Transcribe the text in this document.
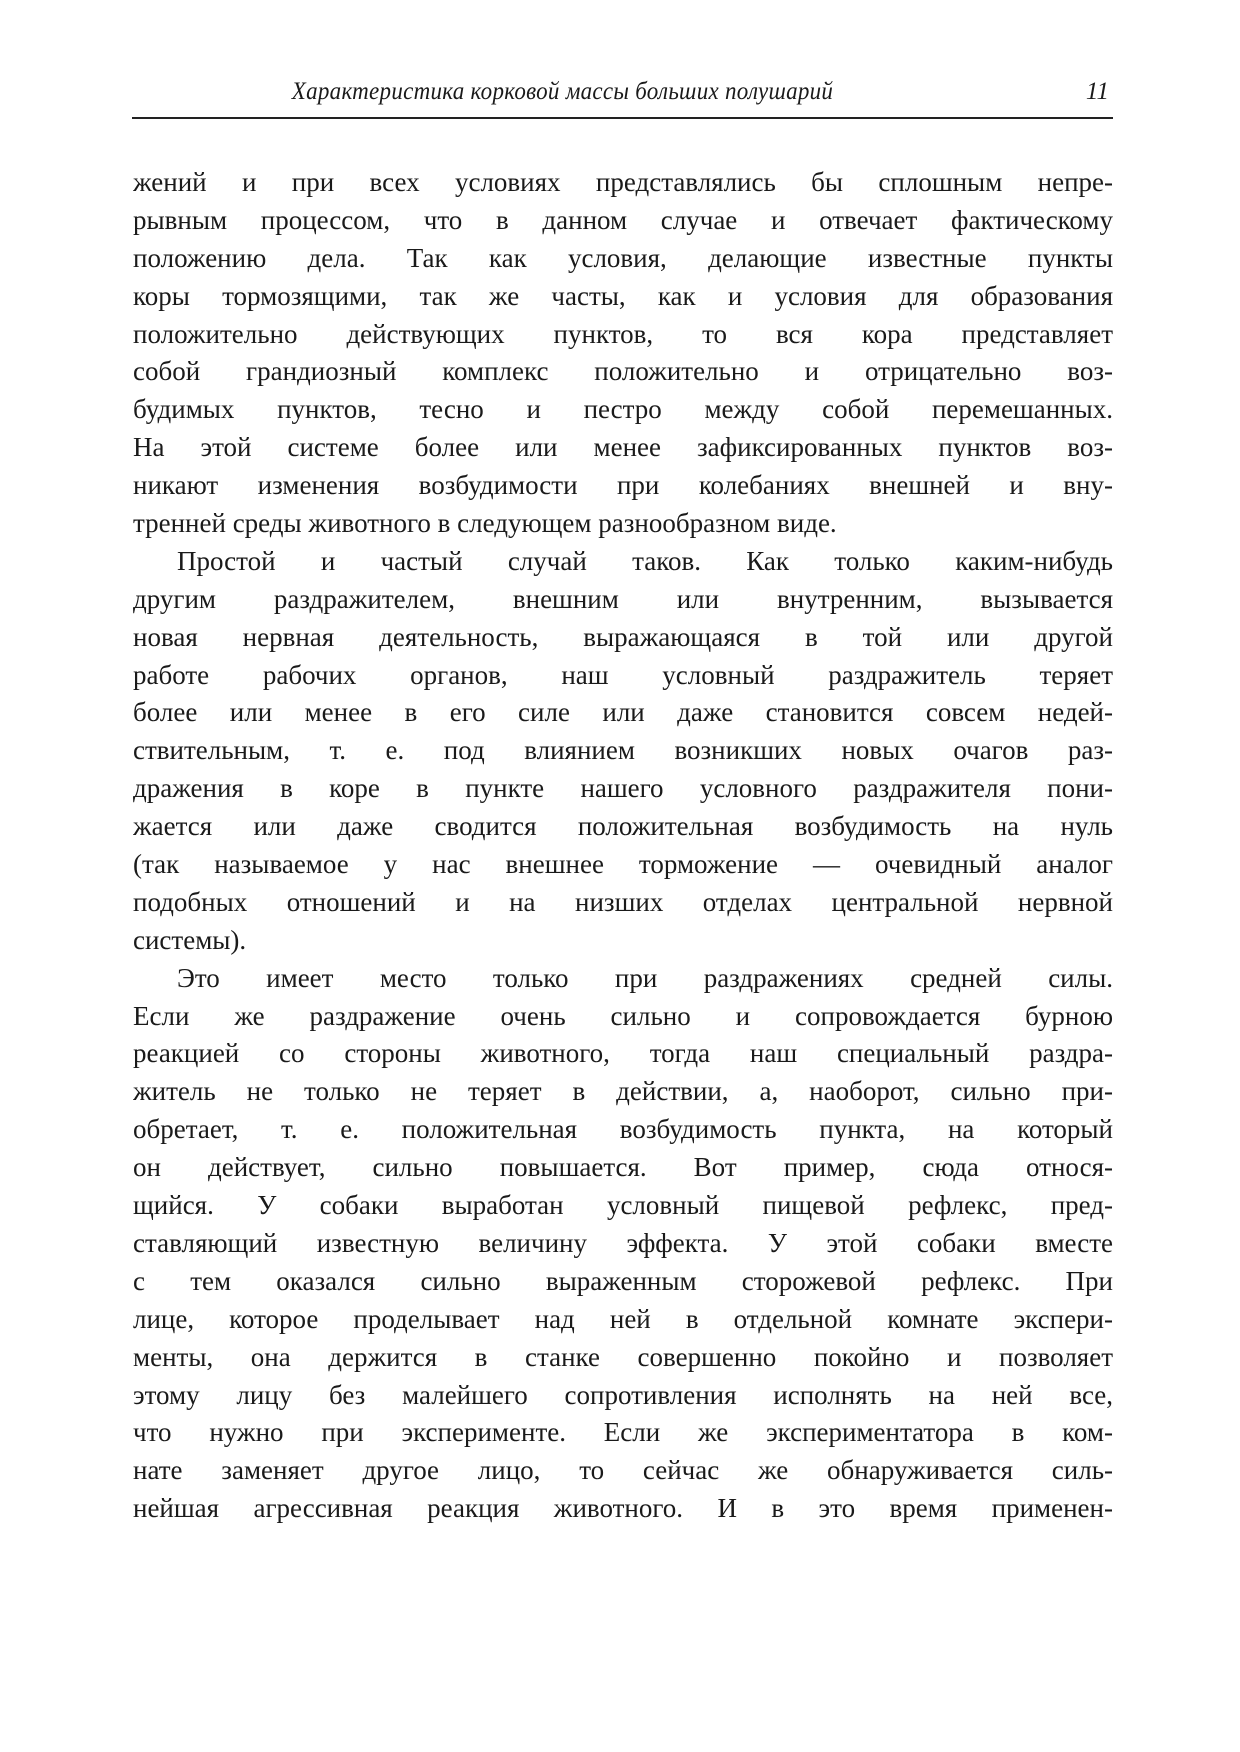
Характеристика корковой массы больших полушарий	11
жений и при всех условиях представлялись бы сплошным непре-
рывным процессом, что в данном случае и отвечает фактическому
положению дела. Так как условия, делающие известные пункты
коры тормозящими, так же часты, как и условия для образования
положительно действующих пунктов, то вся кора представляет
собой грандиозный комплекс положительно и отрицательно воз-
будимых пунктов, тесно и пестро между собой перемешанных.
На этой системе более или менее зафиксированных пунктов воз-
никают изменения возбудимости при колебаниях внешней и вну-
тренней среды животного в следующем разнообразном виде.
Простой и частый случай таков. Как только каким-нибудь
другим раздражителем, внешним или внутренним, вызывается
новая нервная деятельность, выражающаяся в той или другой
работе рабочих органов, наш условный раздражитель теряет
более или менее в его силе или даже становится совсем недей-
ствительным, т. е. под влиянием возникших новых очагов раз-
дражения в коре в пункте нашего условного раздражителя пони-
жается или даже сводится положительная возбудимость на нуль
(так называемое у нас внешнее торможение — очевидный аналог
подобных отношений и на низших отделах центральной нервной
системы).
Это имеет место только при раздражениях средней силы.
Если же раздражение очень сильно и сопровождается бурною
реакцией со стороны животного, тогда наш специальный раздра-
житель не только не теряет в действии, а, наоборот, сильно при-
обретает, т. е. положительная возбудимость пункта, на который
он действует, сильно повышается. Вот пример, сюда относя-
щийся. У собаки выработан условный пищевой рефлекс, пред-
ставляющий известную величину эффекта. У этой собаки вместе
с тем оказался сильно выраженным сторожевой рефлекс. При
лице, которое проделывает над ней в отдельной комнате экспери-
менты, она держится в станке совершенно покойно и позволяет
этому лицу без малейшего сопротивления исполнять на ней все,
что нужно при эксперименте. Если же экспериментатора в ком-
нате заменяет другое лицо, то сейчас же обнаруживается силь-
нейшая агрессивная реакция животного. И в это время применен-
